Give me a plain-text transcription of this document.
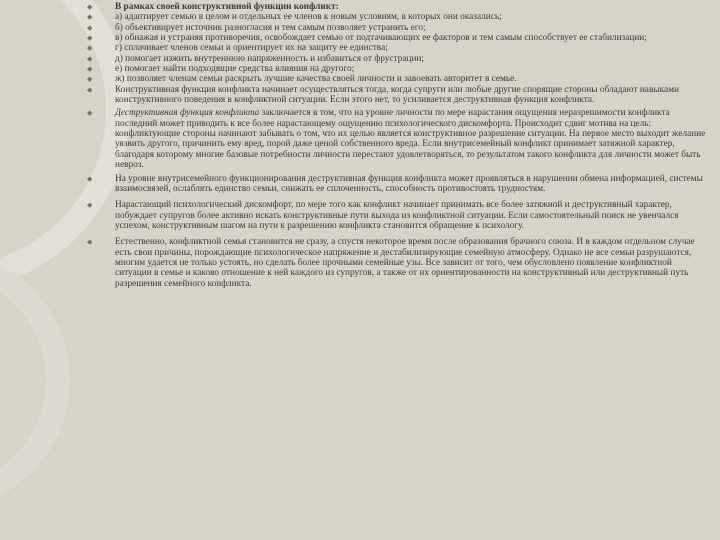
◆ В рамках своей конструктивной функции конфликт:
◆ а) адаптирует семью в целом и отдельных ее членов к новым условиям, в которых они оказались;
◆ б) объективирует источник разногласия и тем самым позволяет устранить его;
◆ в) обнажая и устраняя противоречия, освобождает семью от подтачивающих ее факторов и тем самым способствует ее стабилизации;
◆ г) сплачивает членов семьи и ориентирует их на защиту ее единства;
◆ д) помогает изжить внутреннюю напряженность и избавиться от фрустрации;
◆ е) помогает найти подходящие средства влияния на другого;
◆ ж) позволяет членам семьи раскрыть лучшие качества своей личности и завоевать авторитет в семье.
◆ Конструктивная функция конфликта начинает осуществляться тогда, когда супруги или любые другие спорящие стороны обладают навыками конструктивного поведения в конфликтной ситуации. Если этого нет, то усиливается деструктивная функция конфликта.
◆ Деструктивная функция конфликта заключается в том, что на уровне личности по мере нарастания ощущения неразрешимости конфликта последний может приводить к все более нарастающему ощущению психологического дискомфорта. Происходит сдвиг мотива на цель: конфликтующие стороны начинают забывать о том, что их целью является конструктивное разрешение ситуации. На первое место выходит желание уязвить другого, причинить ему вред, порой даже ценой собственного вреда. Если внутрисемейный конфликт принимает затяжной характер, благодаря которому многие базовые потребности личности перестают удовлетворяться, то результатом такого конфликта для личности может быть невроз.
◆ На уровне внутрисемейного функционирования деструктивная функция конфликта может проявляться в нарушении обмена информацией, системы взаимосвязей, ослаблять единство семьи, снижать ее сплоченность, способность противостоять трудностям.
◆ Нарастающий психологический дискомфорт, по мере того как конфликт начинает принимать все более затяжной и деструктивный характер, побуждает супругов более активно искать конструктивные пути выхода из конфликтной ситуации. Если самостоятельный поиск не увенчался успехом, конструктивным шагом на пути к разрешению конфликта становится обращение к психологу.
◆ Естественно, конфликтной семья становится не сразу, а спустя некоторое время после образования брачного союза. И в каждом отдельном случае есть свои причины, порождающие психологическое напряжение и дестабилизирующие семейную атмосферу. Однако не все семьи разрушаются, многим удается не только устоять, но сделать более прочными семейные узы. Все зависит от того, чем обусловлено появление конфликтной ситуации в семье и каково отношение к ней каждого из супругов, а также от их ориентированности на конструктивный или деструктивный путь разрешения семейного конфликта.
